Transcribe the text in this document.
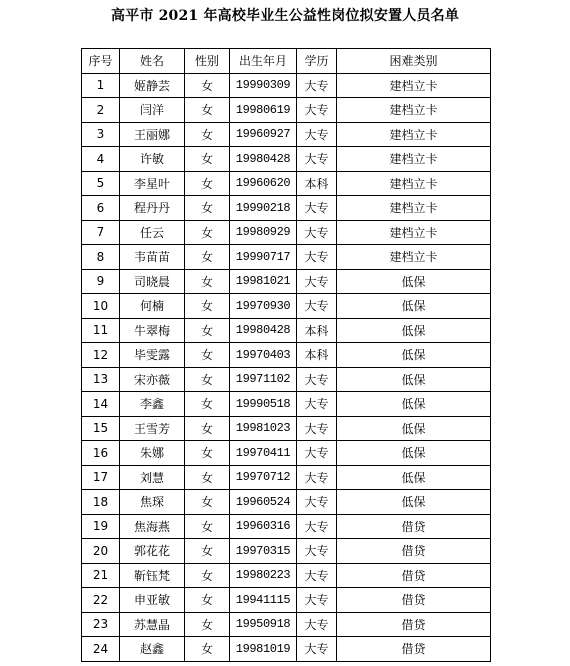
高平市 2021 年高校毕业生公益性岗位拟安置人员名单
序号	姓名	性别	出生年月	学历	困难类别
1	姬静芸	女	19990309	大专	建档立卡
2	闫洋	女	19980619	大专	建档立卡
3	王丽娜	女	19960927	大专	建档立卡
4	许敏	女	19980428	大专	建档立卡
5	李星叶	女	19960620	本科	建档立卡
6	程丹丹	女	19990218	大专	建档立卡
7	任云	女	19980929	大专	建档立卡
8	韦苗苗	女	19990717	大专	建档立卡
9	司晓晨	女	19981021	大专	低保
10	何楠	女	19970930	大专	低保
11	牛翠梅	女	19980428	本科	低保
12	毕雯露	女	19970403	本科	低保
13	宋亦薇	女	19971102	大专	低保
14	李鑫	女	19990518	大专	低保
15	王雪芳	女	19981023	大专	低保
16	朱娜	女	19970411	大专	低保
17	刘慧	女	19970712	大专	低保
18	焦琛	女	19960524	大专	低保
19	焦海燕	女	19960316	大专	借贷
20	郭花花	女	19970315	大专	借贷
21	靳钰梵	女	19980223	大专	借贷
22	申亚敏	女	19941115	大专	借贷
23	苏慧晶	女	19950918	大专	借贷
24	赵鑫	女	19981019	大专	借贷
